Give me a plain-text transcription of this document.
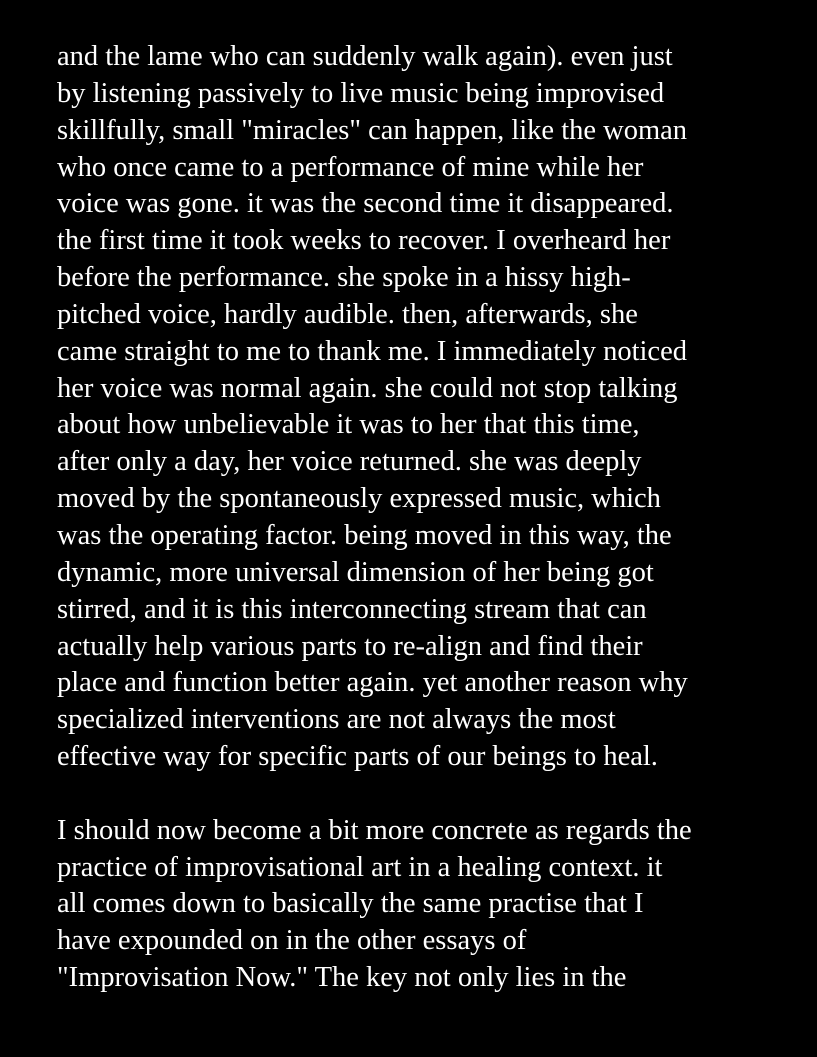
and the lame who can suddenly walk again). even just
by listening passively to live music being improvised
skillfully, small "miracles" can happen, like the woman
who once came to a performance of mine while her
voice was gone. it was the second time it disappeared.
the first time it took weeks to recover. I overheard her
before the performance. she spoke in a hissy high-
pitched voice, hardly audible. then, afterwards, she
came straight to me to thank me. I immediately noticed
her voice was normal again. she could not stop talking
about how unbelievable it was to her that this time,
after only a day, her voice returned. she was deeply
moved by the spontaneously expressed music, which
was the operating factor. being moved in this way, the
dynamic, more universal dimension of her being got
stirred, and it is this interconnecting stream that can
actually help various parts to re-align and find their
place and function better again. yet another reason why
specialized interventions are not always the most
effective way for specific parts of our beings to heal.

I should now become a bit more concrete as regards the
practice of improvisational art in a healing context. it
all comes down to basically the same practise that I
have expounded on in the other essays of
"Improvisation Now." The key not only lies in the
